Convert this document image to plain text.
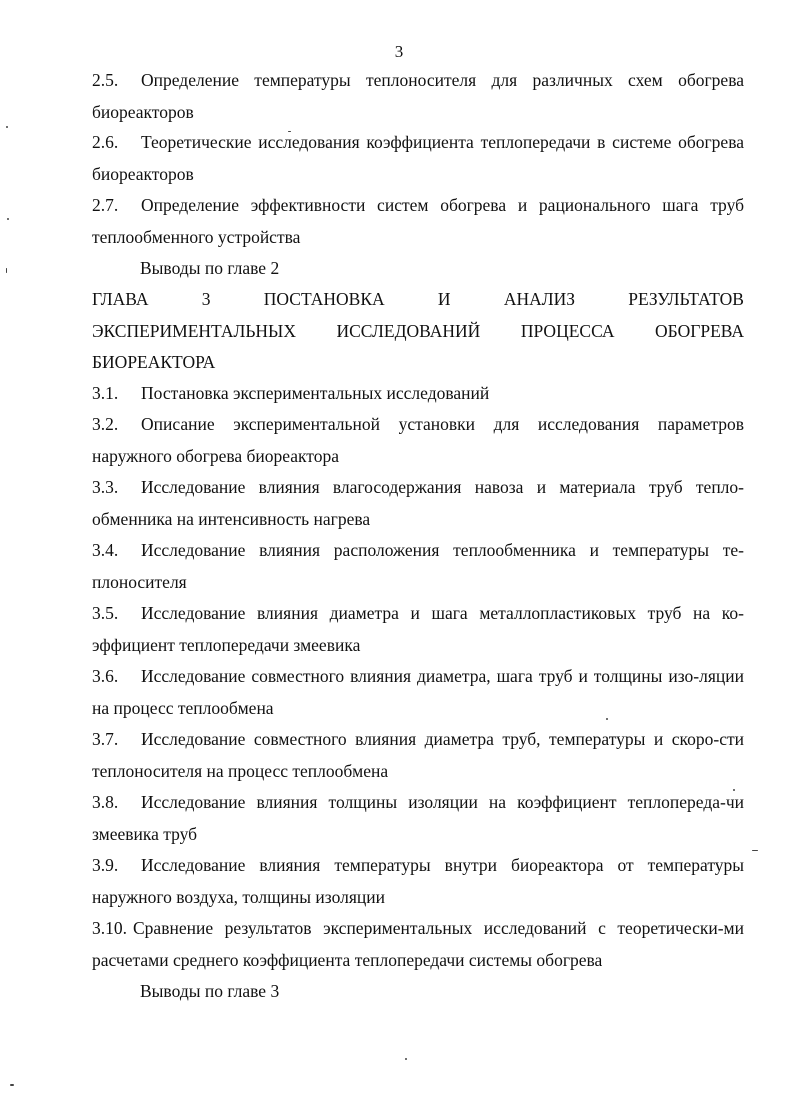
3
2.5. Определение температуры теплоносителя для различных схем обогрева биореакторов
2.6. Теоретические исследования коэффициента теплопередачи в системе обогрева биореакторов
2.7. Определение эффективности систем обогрева и рационального шага труб теплообменного устройства
Выводы по главе 2
ГЛАВА	3	ПОСТАНОВКА	И	АНАЛИЗ	РЕЗУЛЬТАТОВ
ЭКСПЕРИМЕНТАЛЬНЫХ ИССЛЕДОВАНИЙ ПРОЦЕССА ОБОГРЕВА
БИОРЕАКТОРА
3.1. Постановка экспериментальных исследований
3.2. Описание экспериментальной установки для исследования параметров наружного обогрева биореактора
3.3. Исследование влияния влагосодержания навоза и материала труб тепло-обменника на интенсивность нагрева
3.4. Исследование влияния расположения теплообменника и температуры те-плоносителя
3.5. Исследование влияния диаметра и шага металлопластиковых труб на ко-эффициент теплопередачи змеевика
3.6. Исследование совместного влияния диаметра, шага труб и толщины изо-ляции на процесс теплообмена
3.7. Исследование совместного влияния диаметра труб, температуры и скоро-сти теплоносителя на процесс теплообмена
3.8. Исследование влияния толщины изоляции на коэффициент теплопереда-чи змеевика труб
3.9. Исследование влияния температуры внутри биореактора от температуры наружного воздуха, толщины изоляции
3.10. Сравнение результатов экспериментальных исследований с теоретически-ми расчетами среднего коэффициента теплопередачи системы обогрева
Выводы по главе 3
